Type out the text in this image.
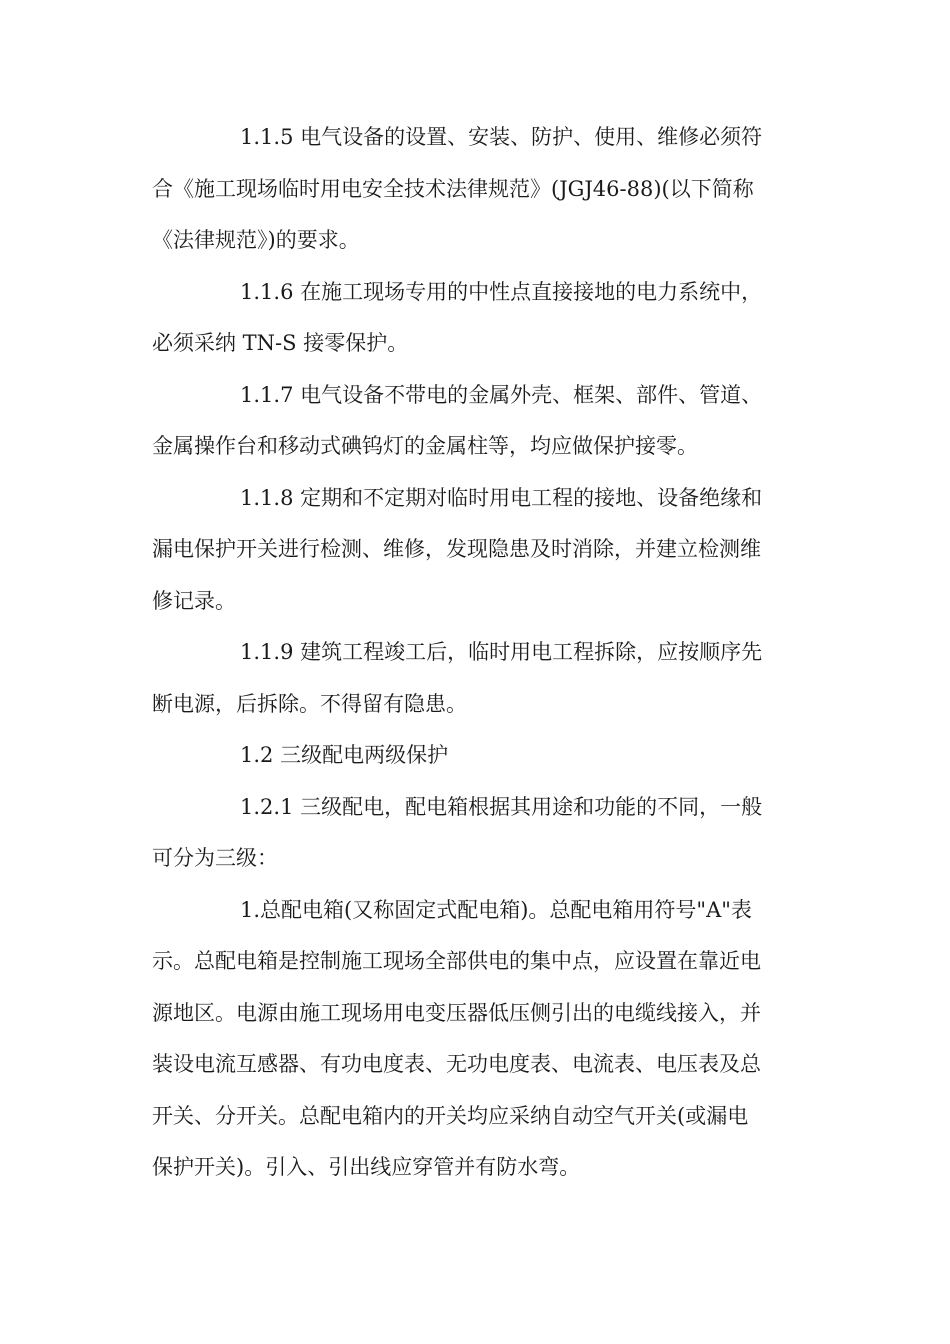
1.1.5 电气设备的设置、安装、防护、使用、维修必须符
合《施工现场临时用电安全技术法律规范》(JGJ46-88)(以下简称
《法律规范》)的要求。
1.1.6 在施工现场专用的中性点直接接地的电力系统中，
必须采纳 TN-S 接零保护。
1.1.7 电气设备不带电的金属外壳、框架、部件、管道、
金属操作台和移动式碘钨灯的金属柱等，均应做保护接零。
1.1.8 定期和不定期对临时用电工程的接地、设备绝缘和
漏电保护开关进行检测、维修，发现隐患及时消除，并建立检测维
修记录。
1.1.9 建筑工程竣工后，临时用电工程拆除，应按顺序先
断电源，后拆除。不得留有隐患。
1.2 三级配电两级保护
1.2.1 三级配电，配电箱根据其用途和功能的不同，一般
可分为三级：
1.总配电箱(又称固定式配电箱)。总配电箱用符号"A"表
示。总配电箱是控制施工现场全部供电的集中点，应设置在靠近电
源地区。电源由施工现场用电变压器低压侧引出的电缆线接入，并
装设电流互感器、有功电度表、无功电度表、电流表、电压表及总
开关、分开关。总配电箱内的开关均应采纳自动空气开关(或漏电
保护开关)。引入、引出线应穿管并有防水弯。
